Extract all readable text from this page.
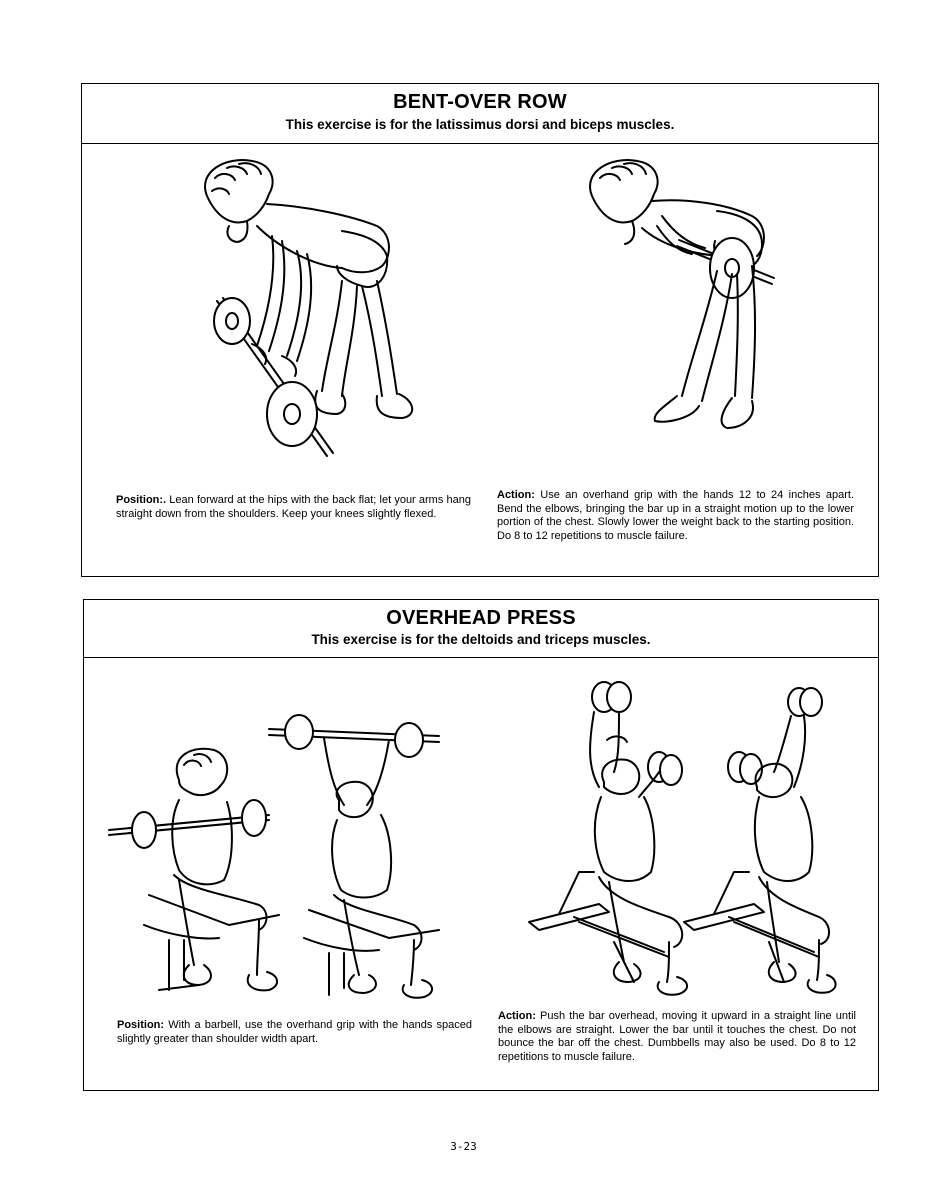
BENT-OVER ROW
This exercise is for the latissimus dorsi and biceps muscles.
Position:. Lean forward at the hips with the back flat; let your arms hang straight down from the shoulders. Keep your knees slightly flexed.
Action: Use an overhand grip with the hands 12 to 24 inches apart. Bend the elbows, bringing the bar up in a straight motion up to the lower portion of the chest. Slowly lower the weight back to the starting position. Do 8 to 12 repetitions to muscle failure.
OVERHEAD PRESS
This exercise is for the deltoids and triceps muscles.
Position: With a barbell, use the overhand grip with the hands spaced slightly greater than shoulder width apart.
Action: Push the bar overhead, moving it upward in a straight line until the elbows are straight. Lower the bar until it touches the chest. Do not bounce the bar off the chest. Dumbbells may also be used. Do 8 to 12 repetitions to muscle failure.
3-23
